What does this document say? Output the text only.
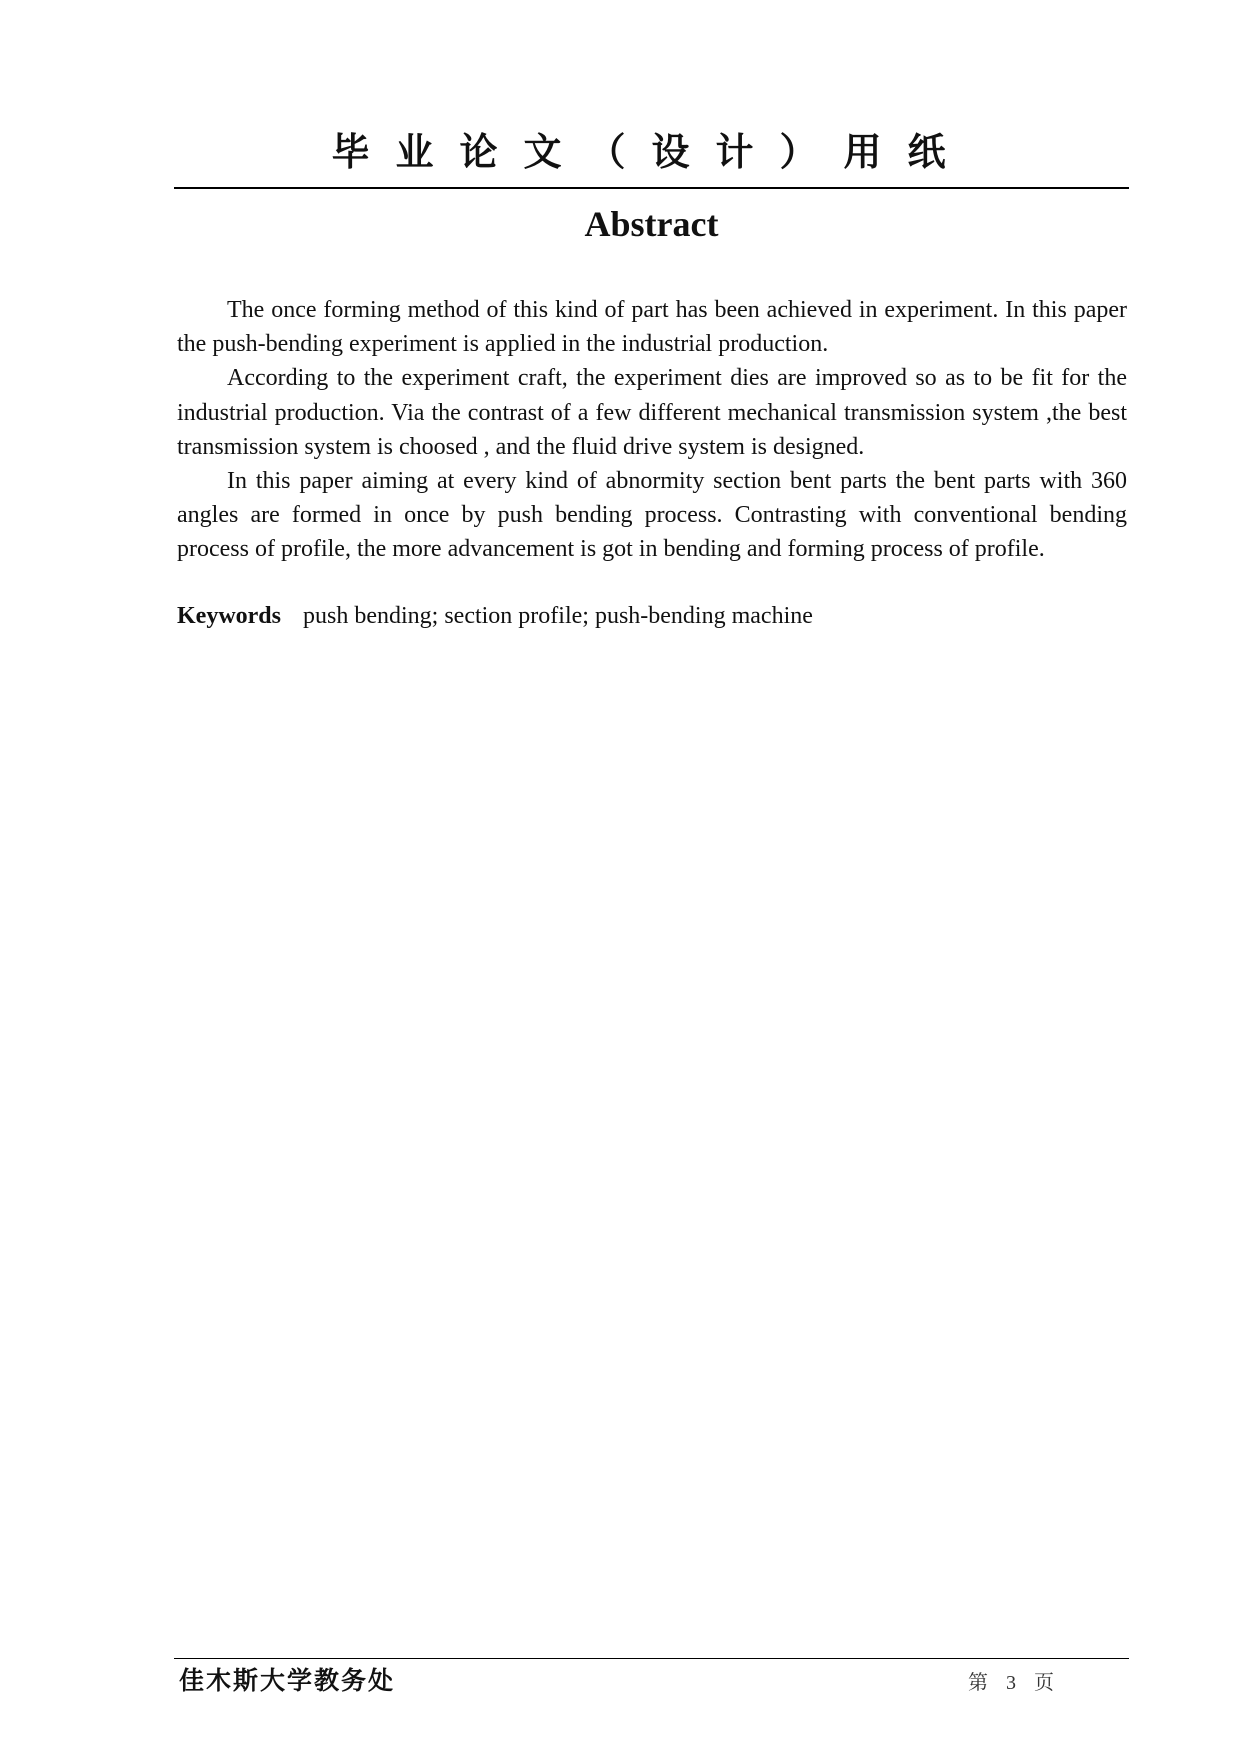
毕业论文（设计）用纸
Abstract

The once forming method of this kind of part has been achieved in experiment. In this paper the push-bending experiment is applied in the industrial production.

According to the experiment craft, the experiment dies are improved so as to be fit for the industrial production. Via the contrast of a few different mechanical transmission system ,the best transmission system is choosed , and the fluid drive system is designed.

In this paper aiming at every kind of abnormity section bent parts the bent parts with 360 angles are formed in once by push bending process. Contrasting with conventional bending process of profile, the more advancement is got in bending and forming process of profile.

Keywords push bending; section profile; push-bending machine
佳木斯大学教务处	第 3 页
